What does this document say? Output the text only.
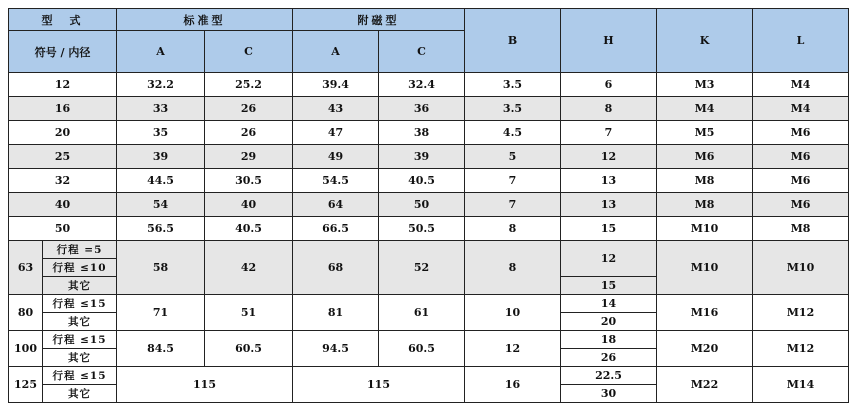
型　式		标准型		附磁型		B	H	K	L
符号 / 内径		A	C	A	C				
12		32.2	25.2	39.4	32.4	3.5	6	M3	M4
16		33	26	43	36	3.5	8	M4	M4
20		35	26	47	38	4.5	7	M5	M6
25		39	29	49	39	5	12	M6	M6
32		44.5	30.5	54.5	40.5	7	13	M8	M6
40		54	40	64	50	7	13	M8	M6
50		56.5	40.5	66.5	50.5	8	15	M10	M8
63	行程 =5	58	42	68	52	8	12	M10	M10
	行程 ≤10								
	其它						15		
80	行程 ≤15	71	51	81	61	10	14	M16	M12
	其它						20		
100	行程 ≤15	84.5	60.5	94.5	60.5	12	18	M20	M12
	其它						26		
125	行程 ≤15	115		115		16	22.5	M22	M14
	其它						30		
